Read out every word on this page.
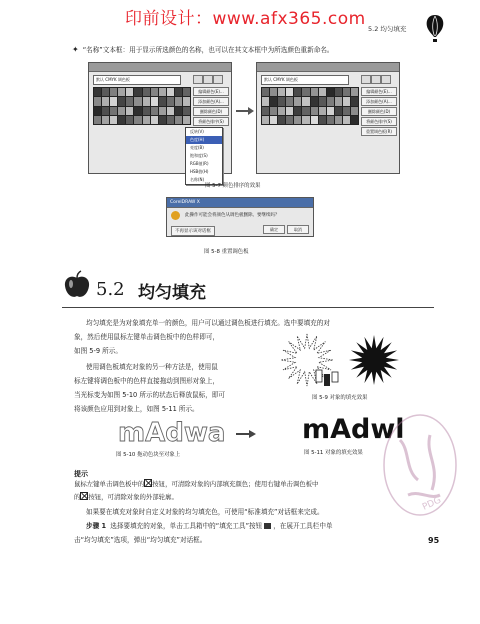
印前设计：www.afx365.com 5.2 均匀填充
✦ “名称”文本框：用于显示所选颜色的名称，也可以在其文本框中为所选颜色重新命名。
默认 CMYK 调色板
编辑颜色(E)...
添加颜色(A)...
删除颜色(D)
将颜色排序(S)
反转(V)
色度(H)
亮度(B)
饱和度(S)
RGB值(R)
HSB值(H)
名称(N)
默认 CMYK 调色板
编辑颜色(E)...
添加颜色(A)...
删除颜色(D)
将颜色排序(S)
重置调色板(R)
图 5-7 颜色排序的效果
CorelDRAW X
此操作可能会将颜色从调色板删除。要继续吗？
不再显示该对话框	确定	取消
图 5-8 重置调色板
5.2 均匀填充
均匀填充是为对象填充单一的颜色，用户可以通过调色板进行填充。选中要填充的对
象，然后使用鼠标左键单击调色板中的色样即可，
如图 5-9 所示。
使用调色板填充对象的另一种方法是，使用鼠
标左键将调色板中的色样直接拖动到图形对象上，
当光标变为如图 5-10 所示的状态后释放鼠标，即可
将该颜色应用到对象上，如图 5-11 所示。
图 5-9 对象的填充效果
mAdwa	mAdwl
图 5-10 拖动色块至对象上	图 5-11 对象的填充效果
提示
鼠标左键单击调色板中的 按钮，可清除对象的内部填充颜色；使用右键单击调色板中
的 按钮，可清除对象的外部轮廓。
如果要在填充对象时自定义对象的均匀填充色，可使用“标准填充”对话框来完成。
步骤 1 选择要填充的对象，单击工具箱中的“填充工具”按钮 ，在展开工具栏中单
击“均匀填充”选项，弹出“均匀填充”对话框。
PDG
95
